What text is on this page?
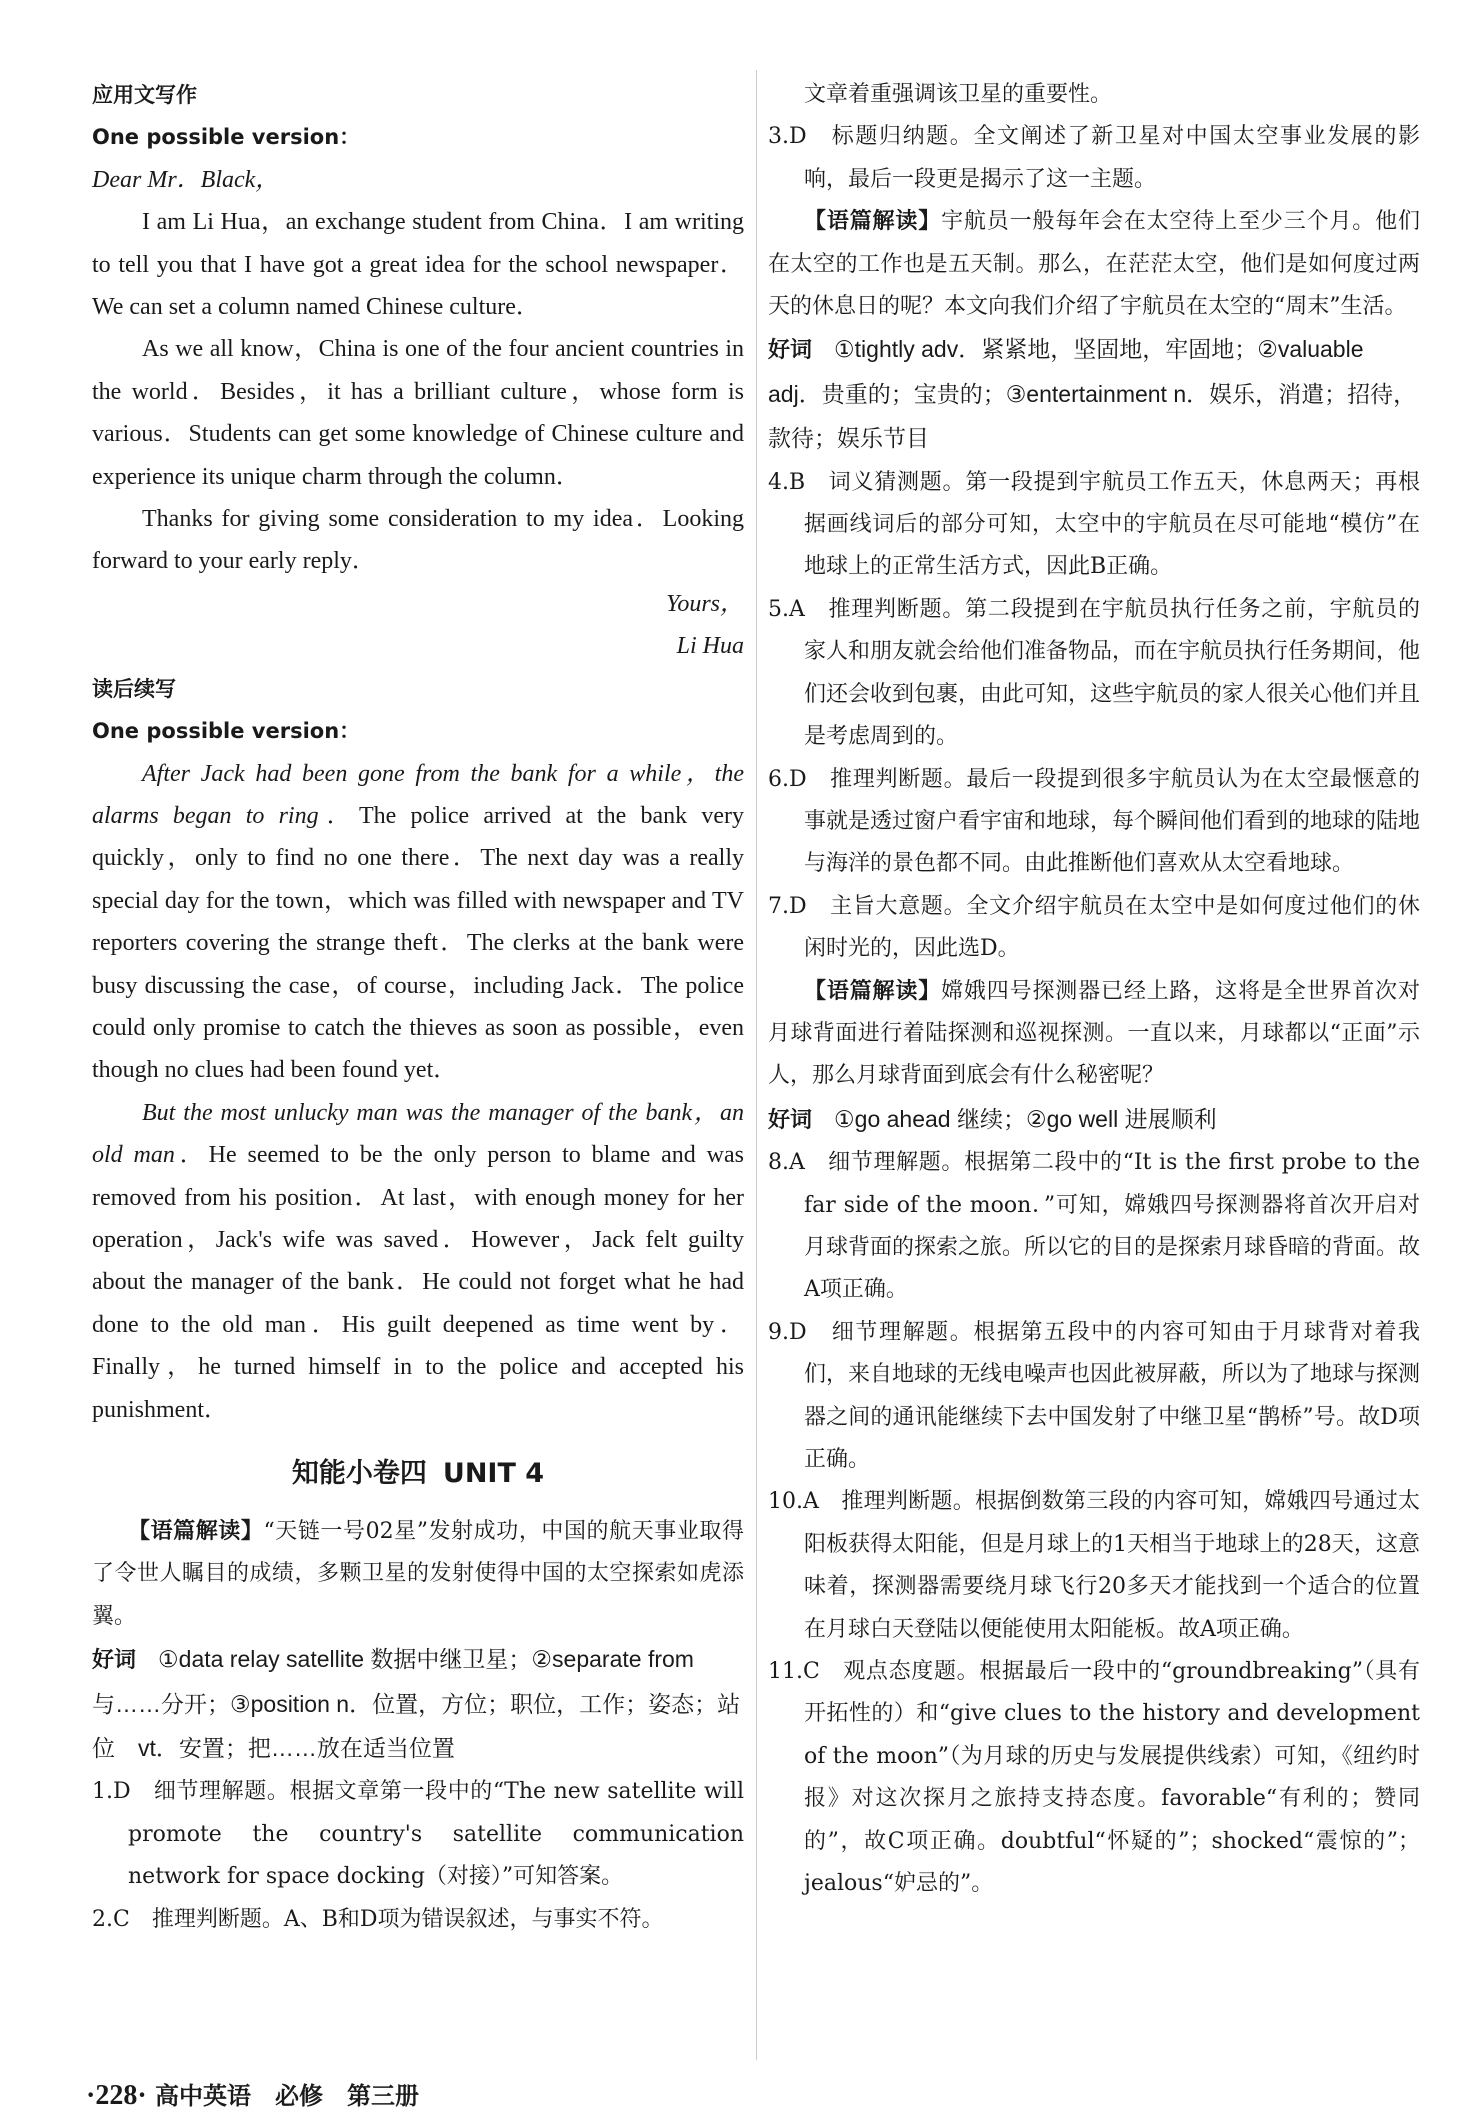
应用文写作

One possible version：

Dear Mr．Black，

I am Li Hua，an exchange student from China．I am writing to tell you that I have got a great idea for the school newspaper．We can set a column named Chinese culture．

As we all know，China is one of the four ancient countries in the world．Besides，it has a brilliant culture，whose form is various．Students can get some knowledge of Chinese culture and experience its unique charm through the column．

Thanks for giving some consideration to my idea．Looking forward to your early reply．

Yours，

Li Hua

读后续写

One possible version：

After Jack had been gone from the bank for a while，the alarms began to ring．The police arrived at the bank very quickly，only to find no one there．The next day was a really special day for the town，which was filled with newspaper and TV reporters covering the strange theft．The clerks at the bank were busy discussing the case，of course，including Jack．The police could only promise to catch the thieves as soon as possible，even though no clues had been found yet．

But the most unlucky man was the manager of the bank，an old man．He seemed to be the only person to blame and was removed from his position．At last，with enough money for her operation，Jack's wife was saved．However，Jack felt guilty about the manager of the bank．He could not forget what he had done to the old man．His guilt deepened as time went by．Finally，he turned himself in to the police and accepted his punishment．

知能小卷四 UNIT 4

【语篇解读】“天链一号02星”发射成功，中国的航天事业取得了令世人瞩目的成绩，多颗卫星的发射使得中国的太空探索如虎添翼。

好词　 ①data relay satellite 数据中继卫星；②separate from 与……分开；③position n．位置，方位；职位，工作；姿态；站位　vt．安置；把……放在适当位置

1.D　细节理解题。根据文章第一段中的“The new satellite will promote the country's satellite communication network for space docking（对接）”可知答案。

2.C　推理判断题。A、B和D项为错误叙述，与事实不符。

文章着重强调该卫星的重要性。

3.D　标题归纳题。全文阐述了新卫星对中国太空事业发展的影响，最后一段更是揭示了这一主题。

【语篇解读】宇航员一般每年会在太空待上至少三个月。他们在太空的工作也是五天制。那么，在茫茫太空，他们是如何度过两天的休息日的呢？本文向我们介绍了宇航员在太空的“周末”生活。

好词　 ①tightly adv．紧紧地，坚固地，牢固地；②valuable adj．贵重的；宝贵的；③entertainment n．娱乐，消遣；招待，款待；娱乐节目

4.B　词义猜测题。第一段提到宇航员工作五天，休息两天；再根据画线词后的部分可知，太空中的宇航员在尽可能地“模仿”在地球上的正常生活方式，因此B正确。

5.A　推理判断题。第二段提到在宇航员执行任务之前，宇航员的家人和朋友就会给他们准备物品，而在宇航员执行任务期间，他们还会收到包裹，由此可知，这些宇航员的家人很关心他们并且是考虑周到的。

6.D　推理判断题。最后一段提到很多宇航员认为在太空最惬意的事就是透过窗户看宇宙和地球，每个瞬间他们看到的地球的陆地与海洋的景色都不同。由此推断他们喜欢从太空看地球。

7.D　主旨大意题。全文介绍宇航员在太空中是如何度过他们的休闲时光的，因此选D。

【语篇解读】嫦娥四号探测器已经上路，这将是全世界首次对月球背面进行着陆探测和巡视探测。一直以来，月球都以“正面”示人，那么月球背面到底会有什么秘密呢？

好词　 ①go ahead 继续；②go well 进展顺利

8.A　细节理解题。根据第二段中的“It is the first probe to the far side of the moon．”可知，嫦娥四号探测器将首次开启对月球背面的探索之旅。所以它的目的是探索月球昏暗的背面。故A项正确。

9.D　细节理解题。根据第五段中的内容可知由于月球背对着我们，来自地球的无线电噪声也因此被屏蔽，所以为了地球与探测器之间的通讯能继续下去中国发射了中继卫星“鹊桥”号。故D项正确。

10.A　推理判断题。根据倒数第三段的内容可知，嫦娥四号通过太阳板获得太阳能，但是月球上的1天相当于地球上的28天，这意味着，探测器需要绕月球飞行20多天才能找到一个适合的位置在月球白天登陆以便能使用太阳能板。故A项正确。

11.C　观点态度题。根据最后一段中的“groundbreaking”（具有开拓性的）和“give clues to the history and development of the moon”（为月球的历史与发展提供线索）可知，《纽约时报》对这次探月之旅持支持态度。favorable“有利的；赞同的”，故C项正确。doubtful“怀疑的”；shocked“震惊的”；jealous“妒忌的”。

·228· 高中英语　必修　第三册
